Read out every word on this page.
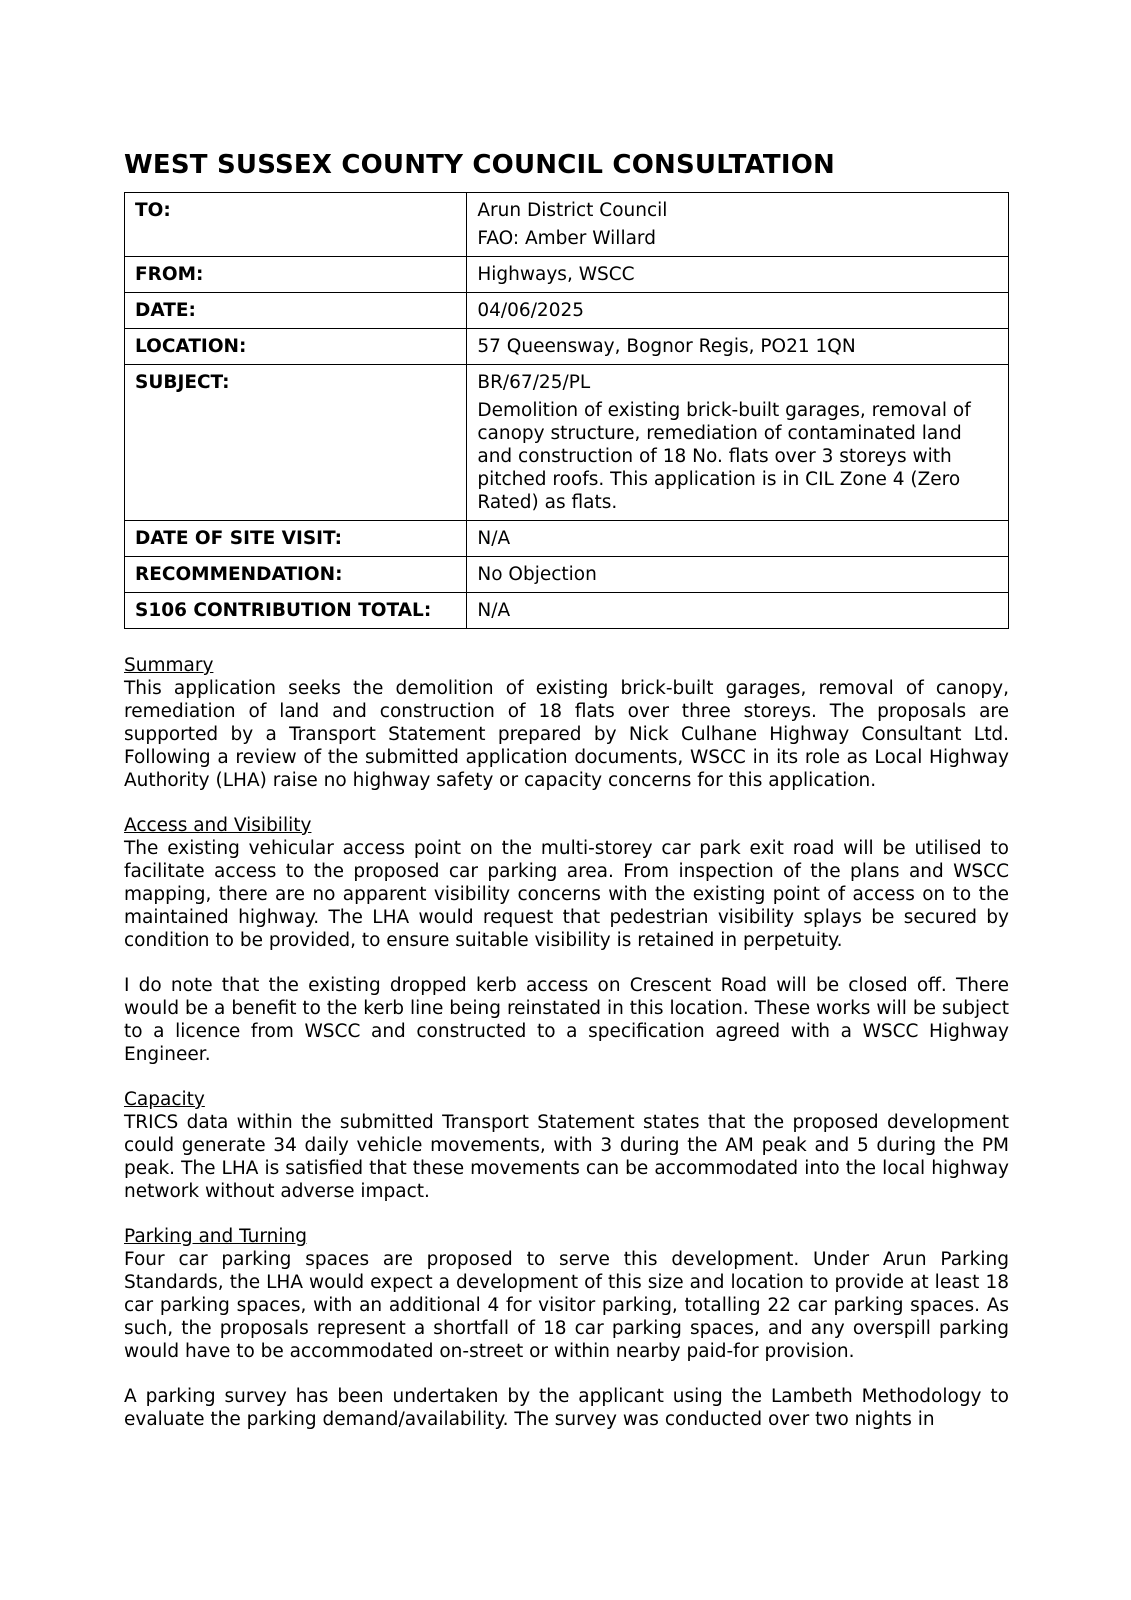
WEST SUSSEX COUNTY COUNCIL CONSULTATION
TO:	Arun District Council
FAO: Amber Willard

FROM:	Highways, WSCC
DATE:	04/06/2025
LOCATION:	57 Queensway, Bognor Regis, PO21 1QN
SUBJECT:	BR/67/25/PL
Demolition of existing brick-built garages, removal of canopy structure, remediation of contaminated land and construction of 18 No. flats over 3 storeys with pitched roofs. This application is in CIL Zone 4 (Zero Rated) as flats.

DATE OF SITE VISIT:	N/A
RECOMMENDATION:	No Objection
S106 CONTRIBUTION TOTAL:	N/A
Summary

This application seeks the demolition of existing brick-built garages, removal of canopy, remediation of land and construction of 18 flats over three storeys. The proposals are supported by a Transport Statement prepared by Nick Culhane Highway Consultant Ltd. Following a review of the submitted application documents, WSCC in its role as Local Highway Authority (LHA) raise no highway safety or capacity concerns for this application.

Access and Visibility

The existing vehicular access point on the multi-storey car park exit road will be utilised to facilitate access to the proposed car parking area. From inspection of the plans and WSCC mapping, there are no apparent visibility concerns with the existing point of access on to the maintained highway. The LHA would request that pedestrian visibility splays be secured by condition to be provided, to ensure suitable visibility is retained in perpetuity.

I do note that the existing dropped kerb access on Crescent Road will be closed off. There would be a benefit to the kerb line being reinstated in this location. These works will be subject to a licence from WSCC and constructed to a specification agreed with a WSCC Highway Engineer.

Capacity

TRICS data within the submitted Transport Statement states that the proposed development could generate 34 daily vehicle movements, with 3 during the AM peak and 5 during the PM peak. The LHA is satisfied that these movements can be accommodated into the local highway network without adverse impact.

Parking and Turning

Four car parking spaces are proposed to serve this development. Under Arun Parking Standards, the LHA would expect a development of this size and location to provide at least 18 car parking spaces, with an additional 4 for visitor parking, totalling 22 car parking spaces. As such, the proposals represent a shortfall of 18 car parking spaces, and any overspill parking would have to be accommodated on-street or within nearby paid-for provision.

A parking survey has been undertaken by the applicant using the Lambeth Methodology to evaluate the parking demand/availability. The survey was conducted over two nights in
